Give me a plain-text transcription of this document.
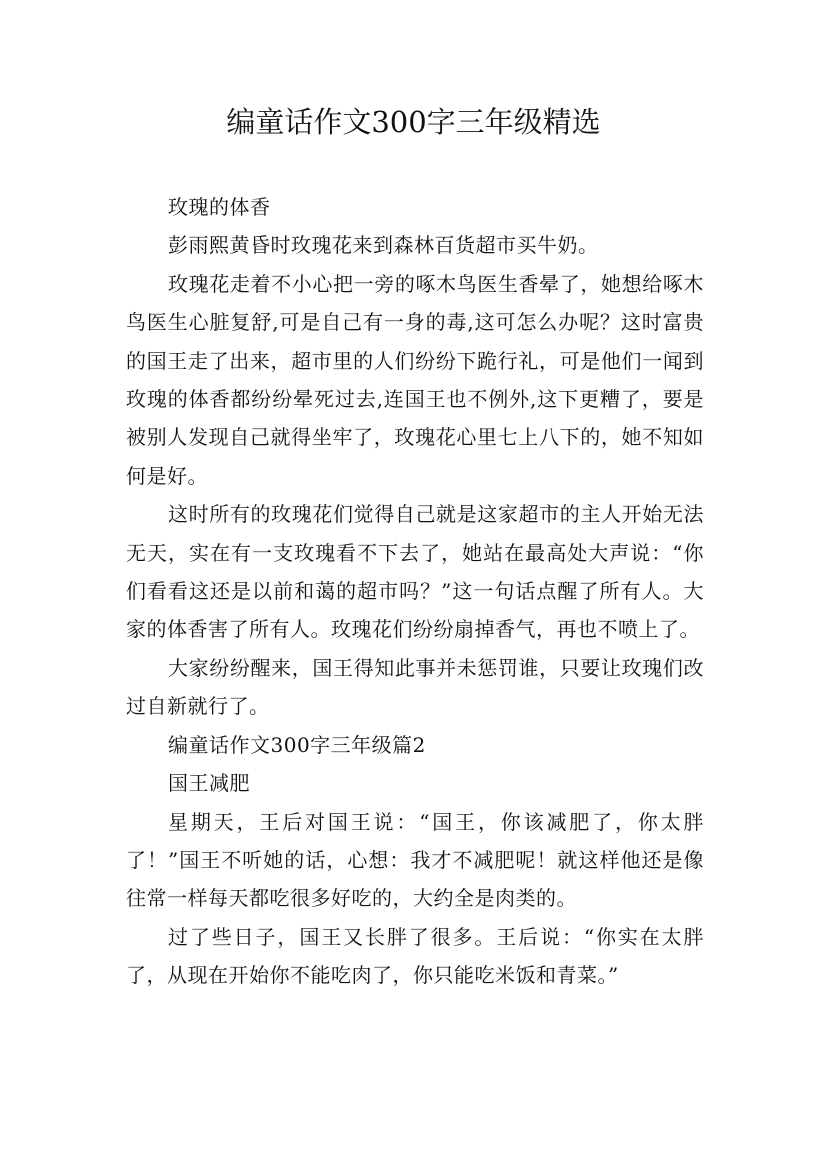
编童话作文300字三年级精选

玫瑰的体香

彭雨熙黄昏时玫瑰花来到森林百货超市买牛奶。

玫瑰花走着不小心把一旁的啄木鸟医生香晕了，她想给啄木鸟医生心脏复舒,可是自己有一身的毒,这可怎么办呢？这时富贵的国王走了出来，超市里的人们纷纷下跪行礼，可是他们一闻到玫瑰的体香都纷纷晕死过去,连国王也不例外,这下更糟了，要是被别人发现自己就得坐牢了，玫瑰花心里七上八下的，她不知如何是好。

这时所有的玫瑰花们觉得自己就是这家超市的主人开始无法无天，实在有一支玫瑰看不下去了，她站在最高处大声说：“你们看看这还是以前和蔼的超市吗？”这一句话点醒了所有人。大家的体香害了所有人。玫瑰花们纷纷扇掉香气，再也不喷上了。

大家纷纷醒来，国王得知此事并未惩罚谁，只要让玫瑰们改过自新就行了。

编童话作文300字三年级篇2

国王减肥

星期天，王后对国王说：“国王，你该减肥了，你太胖了！”国王不听她的话，心想：我才不减肥呢！就这样他还是像往常一样每天都吃很多好吃的，大约全是肉类的。

过了些日子，国王又长胖了很多。王后说：“你实在太胖了，从现在开始你不能吃肉了，你只能吃米饭和青菜。”
